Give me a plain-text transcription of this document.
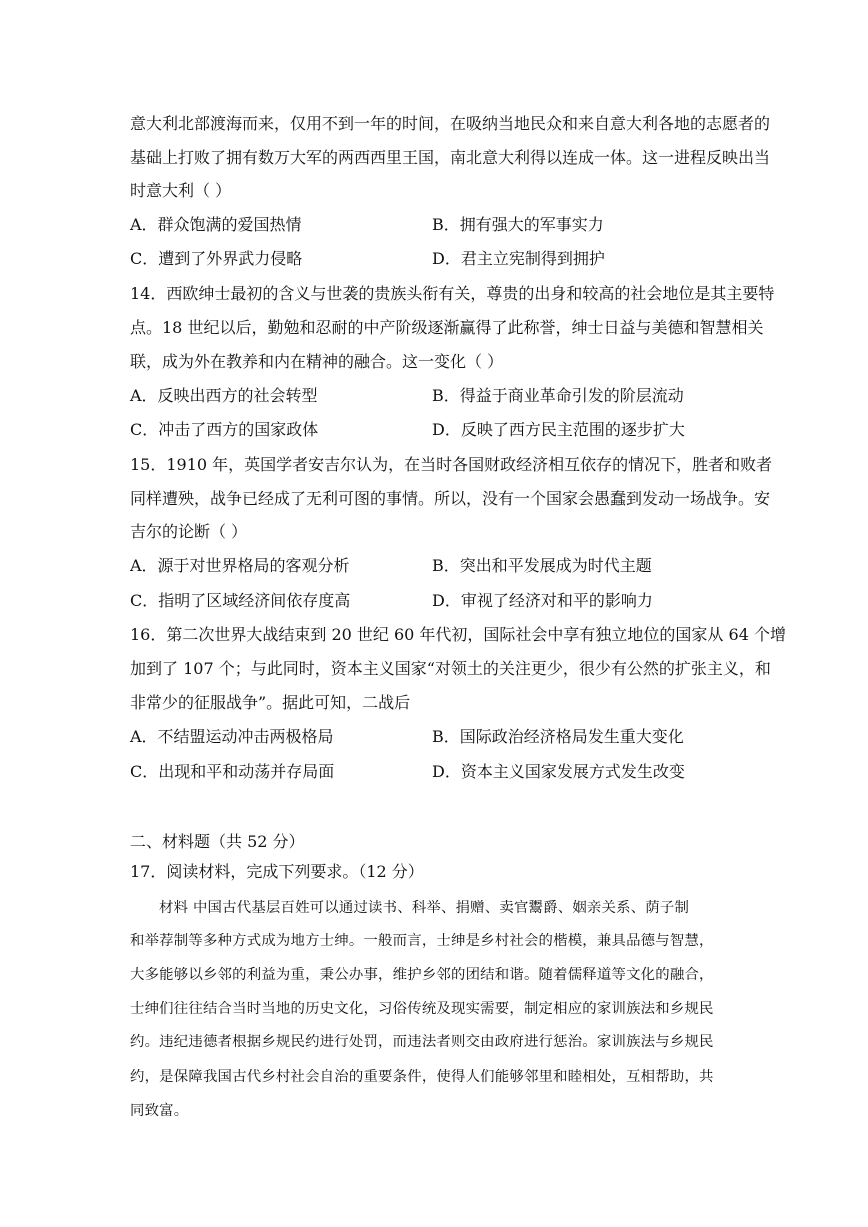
意大利北部渡海而来，仅用不到一年的时间，在吸纳当地民众和来自意大利各地的志愿者的
基础上打败了拥有数万大军的两西西里王国，南北意大利得以连成一体。这一进程反映出当
时意大利（ ）
A．群众饱满的爱国热情	B．拥有强大的军事实力
C．遭到了外界武力侵略	D．君主立宪制得到拥护
14．西欧绅士最初的含义与世袭的贵族头衔有关，尊贵的出身和较高的社会地位是其主要特
点。18 世纪以后，勤勉和忍耐的中产阶级逐渐赢得了此称誉，绅士日益与美德和智慧相关
联，成为外在教养和内在精神的融合。这一变化（ ）
A．反映出西方的社会转型	B．得益于商业革命引发的阶层流动
C．冲击了西方的国家政体	D．反映了西方民主范围的逐步扩大
15．1910 年，英国学者安吉尔认为，在当时各国财政经济相互依存的情况下，胜者和败者
同样遭殃，战争已经成了无利可图的事情。所以，没有一个国家会愚蠢到发动一场战争。安
吉尔的论断（ ）
A．源于对世界格局的客观分析	B．突出和平发展成为时代主题
C．指明了区域经济间依存度高	D．审视了经济对和平的影响力
16．第二次世界大战结束到 20 世纪 60 年代初，国际社会中享有独立地位的国家从 64 个增
加到了 107 个；与此同时，资本主义国家“对领土的关注更少，很少有公然的扩张主义，和
非常少的征服战争”。据此可知，二战后
A．不结盟运动冲击两极格局	B．国际政治经济格局发生重大变化
C．出现和平和动荡并存局面	D．资本主义国家发展方式发生改变
二、材料题（共 52 分）
17．阅读材料，完成下列要求。（12 分）
材料 中国古代基层百姓可以通过读书、科举、捐赠、卖官鬻爵、姻亲关系、荫子制
和举荐制等多种方式成为地方士绅。一般而言，士绅是乡村社会的楷模，兼具品德与智慧，
大多能够以乡邻的利益为重，秉公办事，维护乡邻的团结和谐。随着儒释道等文化的融合，
士绅们往往结合当时当地的历史文化，习俗传统及现实需要，制定相应的家训族法和乡规民
约。违纪违德者根据乡规民约进行处罚，而违法者则交由政府进行惩治。家训族法与乡规民
约，是保障我国古代乡村社会自治的重要条件，使得人们能够邻里和睦相处，互相帮助，共
同致富。
